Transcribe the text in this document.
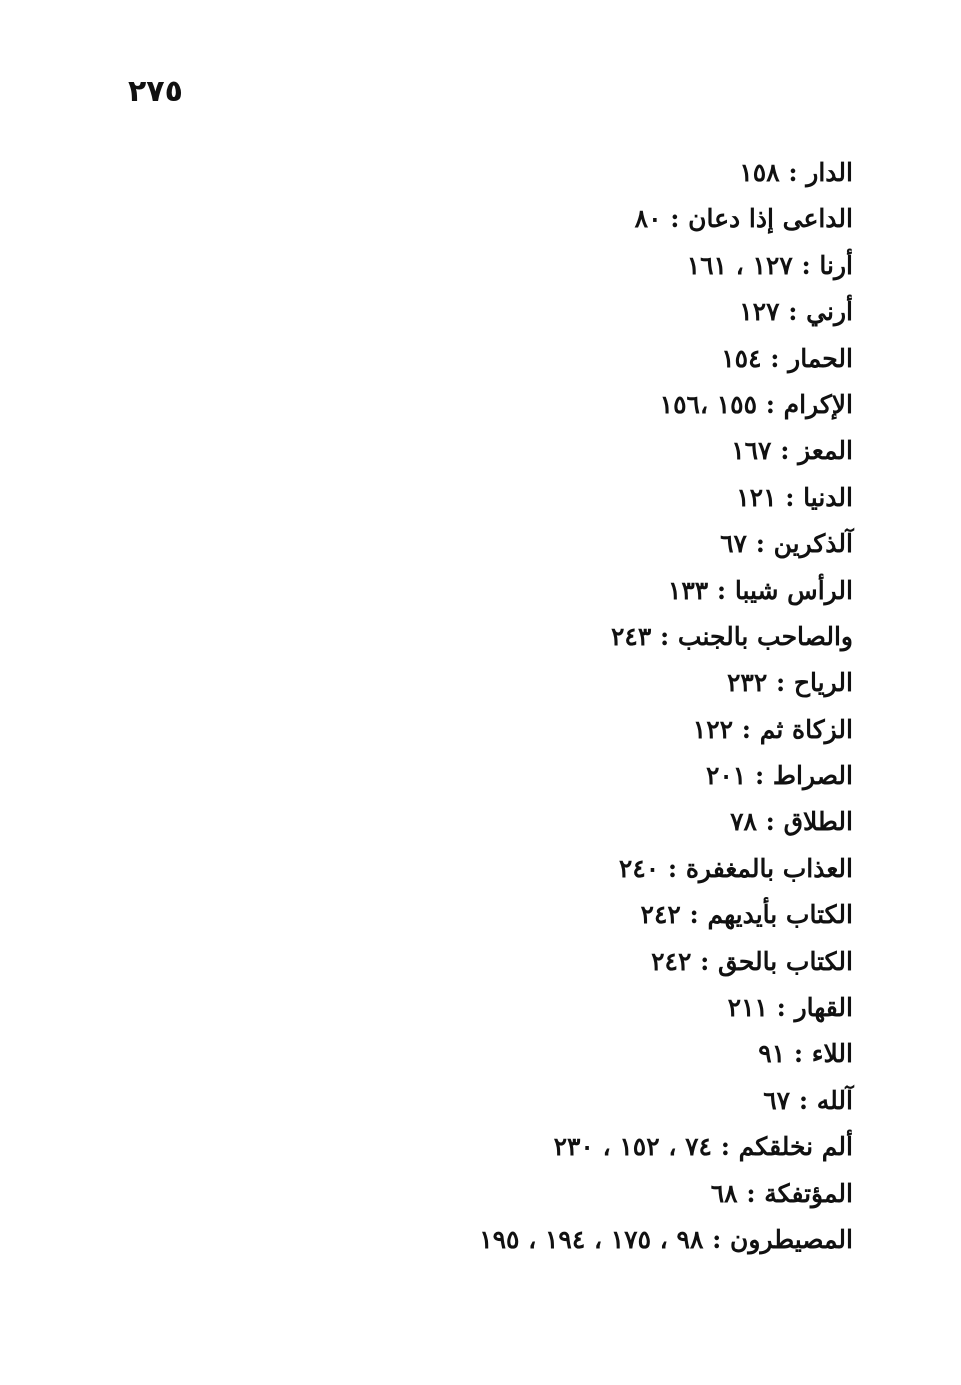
٢٧٥
الدار : ١٥٨
الداعى إذا دعان : ٨٠
أرنا : ١٢٧ ، ١٦١
أرني : ١٢٧
الحمار : ١٥٤
الإكرام : ١٥٥ ،١٥٦
المعز : ١٦٧
الدنيا : ١٢١
آلذكرين : ٦٧
الرأس شيبا : ١٣٣
والصاحب بالجنب : ٢٤٣
الرياح : ٢٣٢
الزكاة ثم : ١٢٢
الصراط : ٢٠١
الطلاق : ٧٨
العذاب بالمغفرة : ٢٤٠
الكتاب بأيديهم : ٢٤٢
الكتاب بالحق : ٢٤٢
القهار : ٢١١
اللاء : ٩١
آلله : ٦٧
ألم نخلقكم : ٧٤ ، ١٥٢ ، ٢٣٠
المؤتفكة : ٦٨
المصيطرون : ٩٨ ، ١٧٥ ، ١٩٤ ، ١٩٥
